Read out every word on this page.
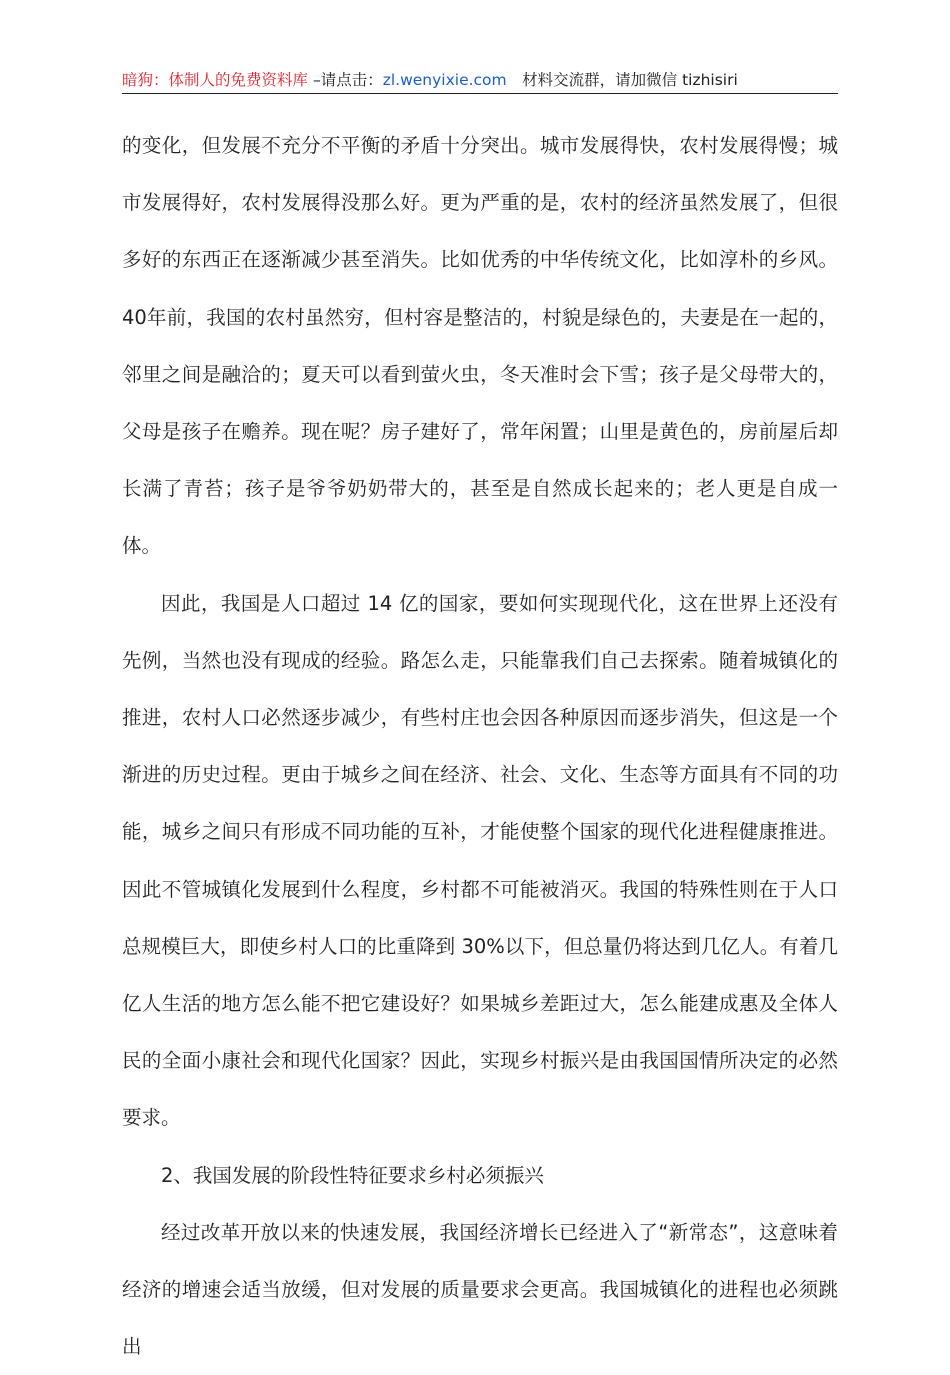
暗狗：体制人的免费资料库 –请点击：zl.wenyixie.com　材料交流群，请加微信 tizhisiri

的变化，但发展不充分不平衡的矛盾十分突出。城市发展得快，农村发展得慢；城市发展得好，农村发展得没那么好。更为严重的是，农村的经济虽然发展了，但很多好的东西正在逐渐减少甚至消失。比如优秀的中华传统文化，比如淳朴的乡风。40年前，我国的农村虽然穷，但村容是整洁的，村貌是绿色的，夫妻是在一起的，邻里之间是融洽的；夏天可以看到萤火虫，冬天准时会下雪；孩子是父母带大的，父母是孩子在赡养。现在呢？房子建好了，常年闲置；山里是黄色的，房前屋后却长满了青苔；孩子是爷爷奶奶带大的，甚至是自然成长起来的；老人更是自成一体。

因此，我国是人口超过 14 亿的国家，要如何实现现代化，这在世界上还没有先例，当然也没有现成的经验。路怎么走，只能靠我们自己去探索。随着城镇化的推进，农村人口必然逐步减少，有些村庄也会因各种原因而逐步消失，但这是一个渐进的历史过程。更由于城乡之间在经济、社会、文化、生态等方面具有不同的功能，城乡之间只有形成不同功能的互补，才能使整个国家的现代化进程健康推进。因此不管城镇化发展到什么程度，乡村都不可能被消灭。我国的特殊性则在于人口总规模巨大，即使乡村人口的比重降到 30%以下，但总量仍将达到几亿人。有着几亿人生活的地方怎么能不把它建设好？如果城乡差距过大，怎么能建成惠及全体人民的全面小康社会和现代化国家？因此，实现乡村振兴是由我国国情所决定的必然要求。

2、我国发展的阶段性特征要求乡村必须振兴

经过改革开放以来的快速发展，我国经济增长已经进入了“新常态”，这意味着经济的增速会适当放缓，但对发展的质量要求会更高。我国城镇化的进程也必须跳出
